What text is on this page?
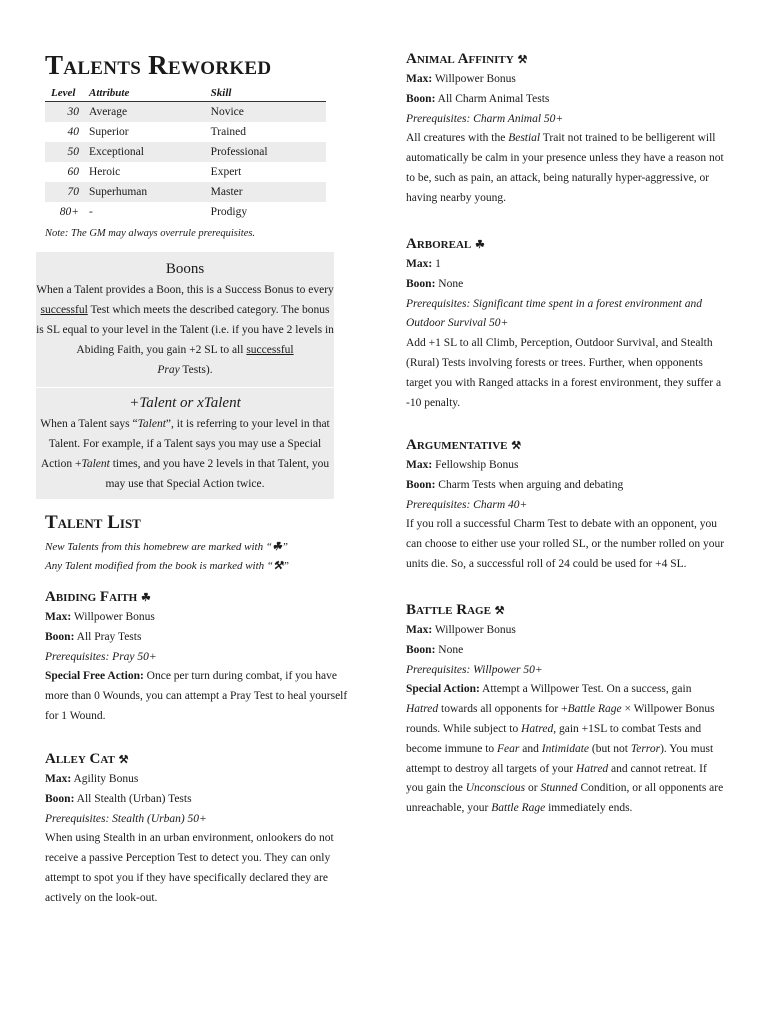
Talents Reworked
Level	Attribute	Skill
30	Average	Novice
40	Superior	Trained
50	Exceptional	Professional
60	Heroic	Expert
70	Superhuman	Master
80+	-	Prodigy
Note: The GM may always overrule prerequisites.
Boons
When a Talent provides a Boon, this is a Success Bonus to every successful Test which meets the described category. The bonus is SL equal to your level in the Talent (i.e. if you have 2 levels in Abiding Faith, you gain +2 SL to all successful
Pray Tests).
+Talent or xTalent
When a Talent says “Talent”, it is referring to your level in that Talent. For example, if a Talent says you may use a Special Action +Talent times, and you have 2 levels in that Talent, you may use that Special Action twice.
Talent List
New Talents from this homebrew are marked with “☘”
Any Talent modified from the book is marked with “⚒”
Abiding Faith ☘

Max: Willpower Bonus

Boon: All Pray Tests

Prerequisites: Pray 50+

Special Free Action: Once per turn during combat, if you have more than 0 Wounds, you can attempt a Pray Test to heal yourself for 1 Wound.

Alley Cat ⚒

Max: Agility Bonus

Boon: All Stealth (Urban) Tests

Prerequisites: Stealth (Urban) 50+

When using Stealth in an urban environment, onlookers do not receive a passive Perception Test to detect you. They can only attempt to spot you if they have specifically declared they are actively on the look-out.

Animal Affinity ⚒

Max: Willpower Bonus

Boon: All Charm Animal Tests

Prerequisites: Charm Animal 50+

All creatures with the Bestial Trait not trained to be belligerent will automatically be calm in your presence unless they have a reason not to be, such as pain, an attack, being naturally hyper-aggressive, or having nearby young.

Arboreal ☘

Max: 1

Boon: None

Prerequisites: Significant time spent in a forest environment and Outdoor Survival 50+

Add +1 SL to all Climb, Perception, Outdoor Survival, and Stealth (Rural) Tests involving forests or trees. Further, when opponents target you with Ranged attacks in a forest environment, they suffer a -10 penalty.

Argumentative ⚒

Max: Fellowship Bonus

Boon: Charm Tests when arguing and debating

Prerequisites: Charm 40+

If you roll a successful Charm Test to debate with an opponent, you can choose to either use your rolled SL, or the number rolled on your units die. So, a successful roll of 24 could be used for +4 SL.

Battle Rage ⚒

Max: Willpower Bonus

Boon: None

Prerequisites: Willpower 50+

Special Action: Attempt a Willpower Test. On a success, gain Hatred towards all opponents for +Battle Rage × Willpower Bonus rounds. While subject to Hatred, gain +1SL to combat Tests and become immune to Fear and Intimidate (but not Terror). You must attempt to destroy all targets of your Hatred and cannot retreat. If you gain the Unconscious or Stunned Condition, or all opponents are unreachable, your Battle Rage immediately ends.
